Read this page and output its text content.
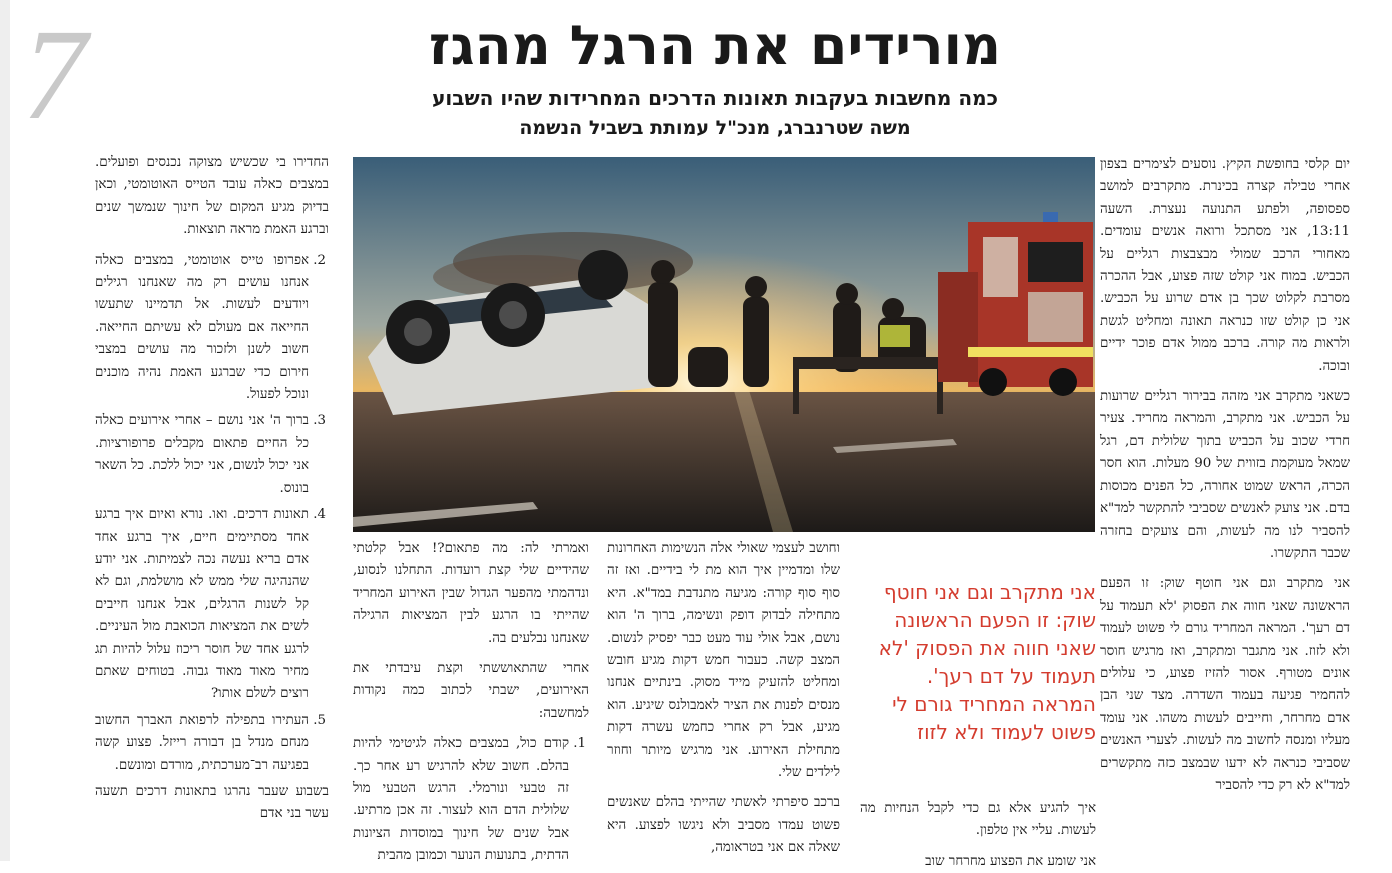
7	מורידים את הרגל מהגז
כמה מחשבות בעקבות תאונות הדרכים המחרידות שהיו השבוע
משה שטרנברג, מנכ"ל עמותת בשביל הנשמה

יום קלסי בחופשת הקיץ. נוסעים לצימרים בצפון אחרי טבילה קצרה בכינרת. מתקרבים למושב ספסופה, ולפתע התנועה נעצרת. השעה 13:11, אני מסתכל ורואה אנשים עומדים. מאחורי הרכב שמולי מבצבצות רגליים על הכביש. במוח אני קולט שזה פצוע, אבל ההכרה מסרבת לקלוט שכך בן אדם שרוע על הכביש. אני כן קולט שזו כנראה תאונה ומחליט לגשת ולראות מה קורה. ברכב ממול אדם פוכר ידיים ובוכה.

כשאני מתקרב אני מזהה בבירור רגליים שרועות על הכביש. אני מתקרב, והמראה מחריד. צעיר חרדי שכוב על הכביש בתוך שלולית דם, רגל שמאל מעוקמת בזווית של 90 מעלות. הוא חסר הכרה, הראש שמוט אחורה, כל הפנים מכוסות בדם. אני צועק לאנשים שסביבי להתקשר למד"א להסביר לנו מה לעשות, והם צועקים בחזרה שכבר התקשרו.

אני מתקרב וגם אני חוטף שוק: זו הפעם הראשונה שאני חווה את הפסוק 'לא תעמוד על דם רעך'. המראה המחריד גורם לי פשוט לעמוד ולא לזוז. אני מתגבר ומתקרב, ואז מרגיש חוסר אונים מטורף. אסור להזיז פצוע, כי עלולים להחמיר פגיעה בעמוד השדרה. מצד שני הבן אדם מחרחר, וחייבים לעשות משהו. אני עומד מעליו ומנסה לחשוב מה לעשות. לצערי האנשים שסביבי כנראה לא ידעו שבמצב כזה מתקשרים למד"א לא רק כדי להסביר

אני מתקרב וגם אני חוטף שוק: זו הפעם הראשונה שאני חווה את הפסוק 'לא תעמוד על דם רעך'. המראה המחריד גורם לי פשוט לעמוד ולא לזוז

איך להגיע אלא גם כדי לקבל הנחיות מה לעשות. עליי אין טלפון.

אני שומע את הפצוע מחרחר שוב

וחושב לעצמי שאולי אלה הנשימות האחרונות שלו ומדמיין איך הוא מת לי בידיים. ואז זה סוף סוף קורה: מגיעה מתנדבת במד"א. היא מתחילה לבדוק דופק ונשימה, ברוך ה' הוא נושם, אבל אולי עוד מעט כבר יפסיק לנשום. המצב קשה. כעבור חמש דקות מגיע חובש ומחליט להזעיק מייד מסוק. בינתיים אנחנו מנסים לפנות את הציר לאמבולנס שיגיע. הוא מגיע, אבל רק אחרי כחמש עשרה דקות מתחילת האירוע. אני מרגיש מיותר וחוזר לילדים שלי.

ברכב סיפרתי לאשתי שהייתי בהלם שאנשים פשוט עמדו מסביב ולא ניגשו לפצוע. היא שאלה אם אני בטראומה,

ואמרתי לה: מה פתאום?! אבל קלטתי שהידיים שלי קצת רועדות. התחלנו לנסוע, ונדהמתי מהפער הגדול שבין האירוע המחריד שהייתי בו הרגע לבין המציאות הרגילה שאנחנו נבלעים בה.

אחרי שהתאוששתי וקצת עיבדתי את האירועים, ישבתי לכתוב כמה נקודות למחשבה:

1. קודם כול, במצבים כאלה לגיטימי להיות בהלם. חשוב שלא להרגיש רע אחר כך. זה טבעי ונורמלי. הרגש הטבעי מול שלולית הדם הוא לעצור. זה אכן מרתיע. אבל שנים של חינוך במוסדות הציונות הדתית, בתנועות הנוער וכמובן מהבית

החדירו בי שכשיש מצוקה נכנסים ופועלים. במצבים כאלה עובד הטייס האוטומטי, וכאן בדיוק מגיע המקום של חינוך שנמשך שנים וברגע האמת מראה תוצאות.

2. אפרופו טייס אוטומטי, במצבים כאלה אנחנו עושים רק מה שאנחנו רגילים ויודעים לעשות. אל תדמיינו שתעשו החייאה אם מעולם לא עשיתם החייאה. חשוב לשנן ולזכור מה עושים במצבי חירום כדי שברגע האמת נהיה מוכנים ונוכל לפעול.
3. ברוך ה' אני נושם – אחרי אירועים כאלה כל החיים פתאום מקבלים פרופורציות. אני יכול לנשום, אני יכול ללכת. כל השאר בונוס.
4. תאונות דרכים. ואו. נורא ואיום איך ברגע אחד מסתיימים חיים, איך ברגע אחד אדם בריא נעשה נכה לצמיתות. אני יודע שהנהיגה שלי ממש לא מושלמת, וגם לא קל לשנות הרגלים, אבל אנחנו חייבים לשים את המציאות הכואבת מול העיניים. לרגע אחד של חוסר ריכוז עלול להיות תג מחיר מאוד מאוד גבוה. בטוחים שאתם רוצים לשלם אותו?
5. העתירו בתפילה לרפואת האברך החשוב מנחם מנדל בן דבורה רייזל. פצוע קשה בפגיעה רב־מערכתית, מורדם ומונשם.

בשבוע שעבר נהרגו בתאונות דרכים תשעה עשר בני אדם
